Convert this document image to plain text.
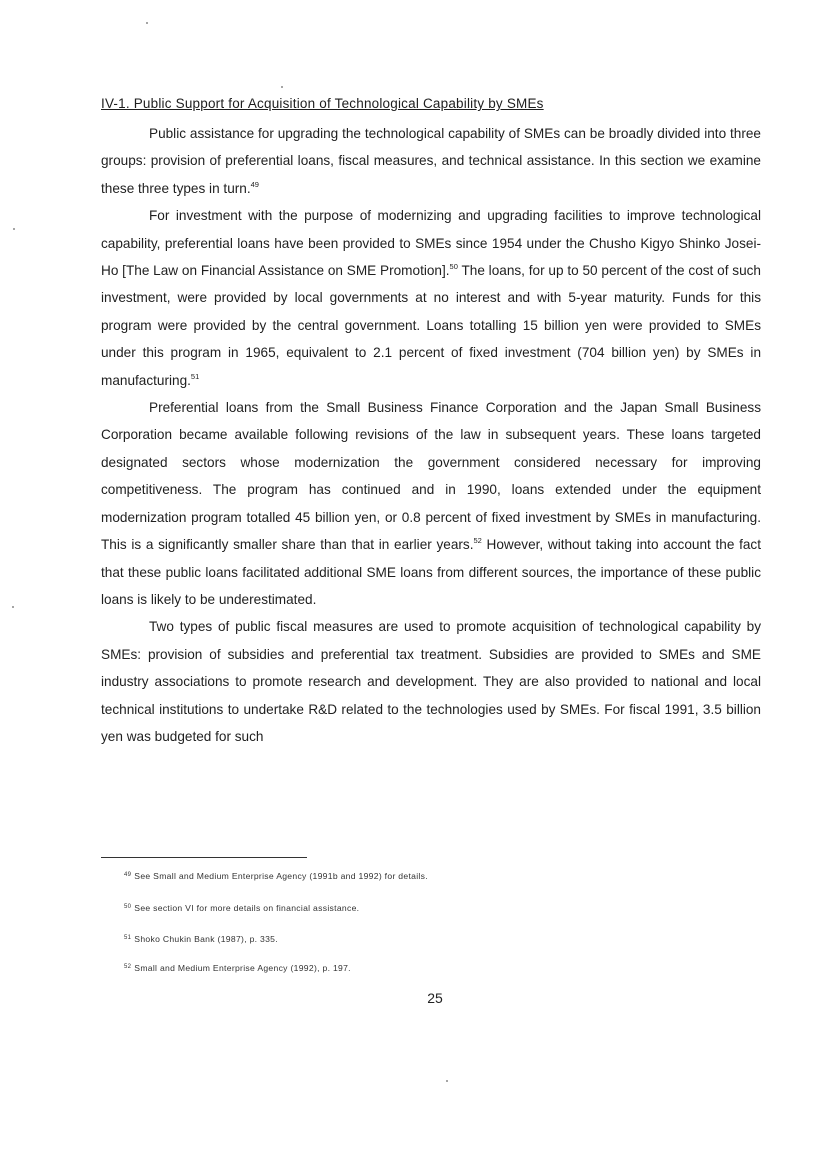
IV-1. Public Support for Acquisition of Technological Capability by SMEs

Public assistance for upgrading the technological capability of SMEs can be broadly divided into three groups: provision of preferential loans, fiscal measures, and technical assistance. In this section we examine these three types in turn.$^{49}$

For investment with the purpose of modernizing and upgrading facilities to improve technological capability, preferential loans have been provided to SMEs since 1954 under the Chusho Kigyo Shinko Josei-Ho [The Law on Financial Assistance on SME Promotion].$^{50}$ The loans, for up to 50 percent of the cost of such investment, were provided by local governments at no interest and with 5-year maturity. Funds for this program were provided by the central government. Loans totalling 15 billion yen were provided to SMEs under this program in 1965, equivalent to 2.1 percent of fixed investment (704 billion yen) by SMEs in manufacturing.$^{51}$

Preferential loans from the Small Business Finance Corporation and the Japan Small Business Corporation became available following revisions of the law in subsequent years. These loans targeted designated sectors whose modernization the government considered necessary for improving competitiveness. The program has continued and in 1990, loans extended under the equipment modernization program totalled 45 billion yen, or 0.8 percent of fixed investment by SMEs in manufacturing. This is a significantly smaller share than that in earlier years.$^{52}$ However, without taking into account the fact that these public loans facilitated additional SME loans from different sources, the importance of these public loans is likely to be underestimated.

Two types of public fiscal measures are used to promote acquisition of technological capability by SMEs: provision of subsidies and preferential tax treatment. Subsidies are provided to SMEs and SME industry associations to promote research and development. They are also provided to national and local technical institutions to undertake R&D related to the technologies used by SMEs. For fiscal 1991, 3.5 billion yen was budgeted for such

$^{49}$ See Small and Medium Enterprise Agency (1991b and 1992) for details.
$^{50}$ See section VI for more details on financial assistance.
$^{51}$ Shoko Chukin Bank (1987), p. 335.
$^{52}$ Small and Medium Enterprise Agency (1992), p. 197.
25
